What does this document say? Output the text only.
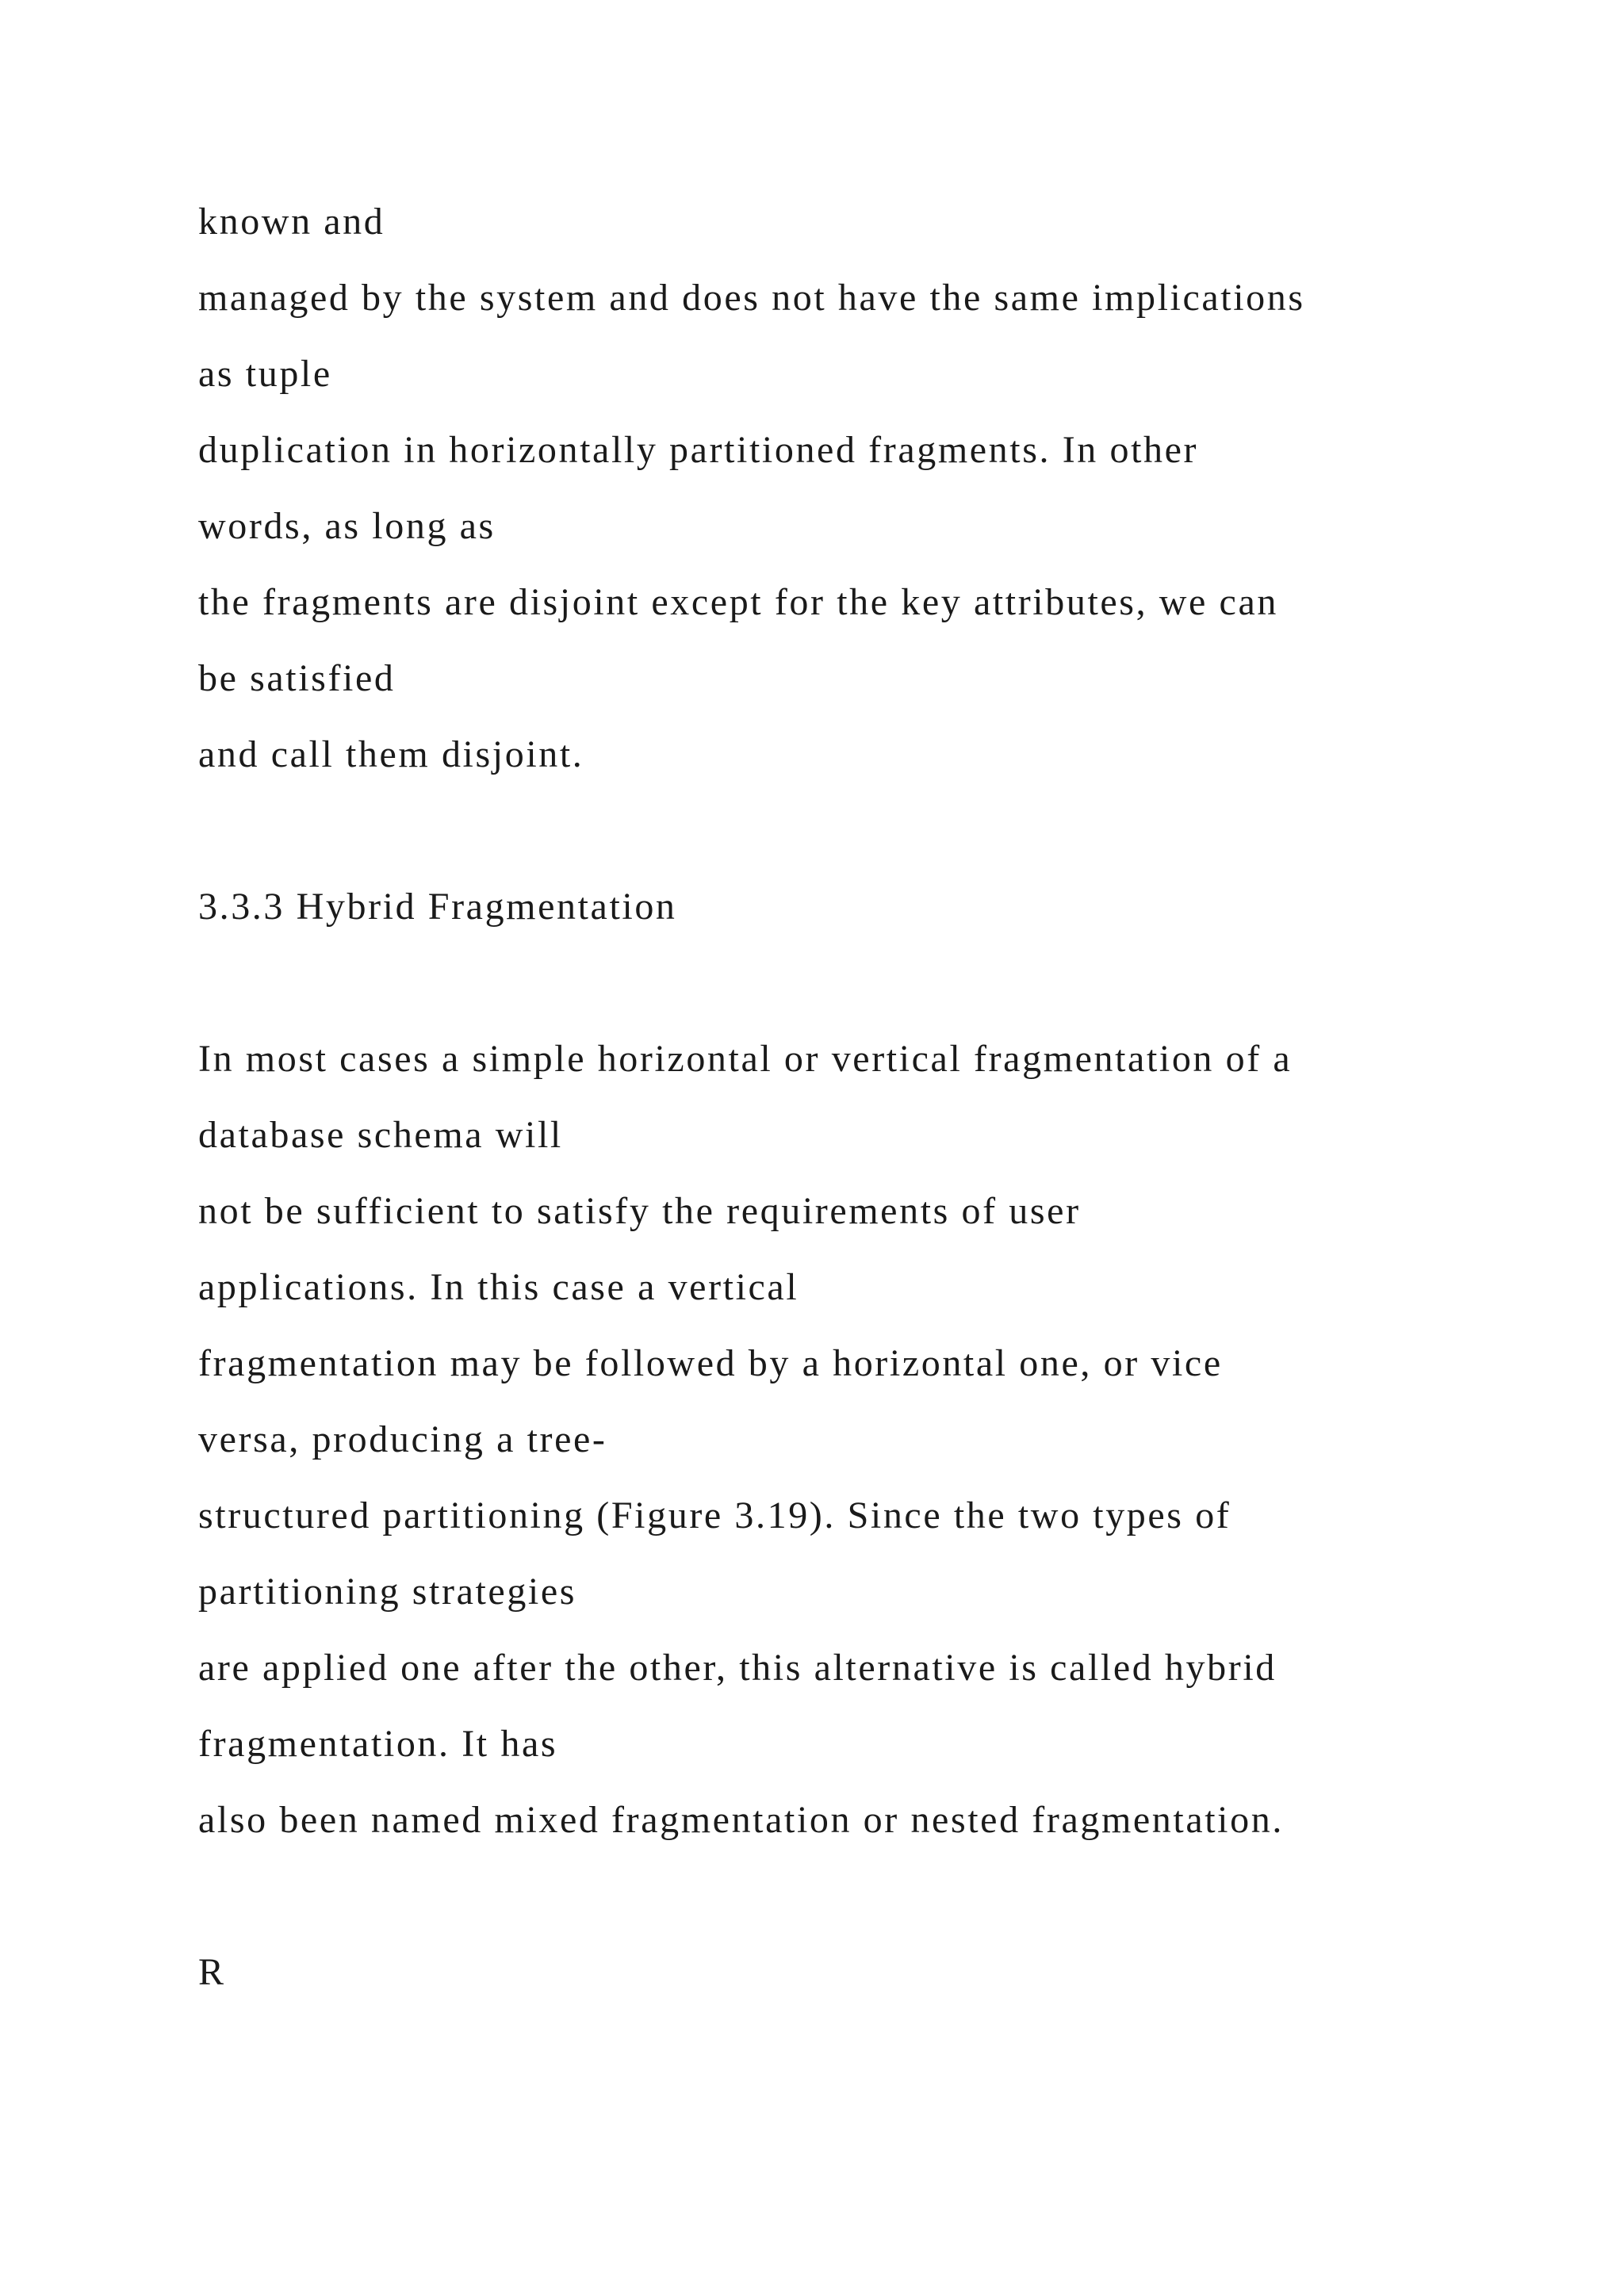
known and

managed by the system and does not have the same implications

as tuple

duplication in horizontally partitioned fragments. In other

words, as long as

the fragments are disjoint except for the key attributes, we can

be satisfied

and call them disjoint.

3.3.3 Hybrid Fragmentation

In most cases a simple horizontal or vertical fragmentation of a

database schema will

not be sufficient to satisfy the requirements of user

applications. In this case a vertical

fragmentation may be followed by a horizontal one, or vice

versa, producing a tree-

structured partitioning (Figure 3.19). Since the two types of

partitioning strategies

are applied one after the other, this alternative is called hybrid

fragmentation. It has

also been named mixed fragmentation or nested fragmentation.

R
